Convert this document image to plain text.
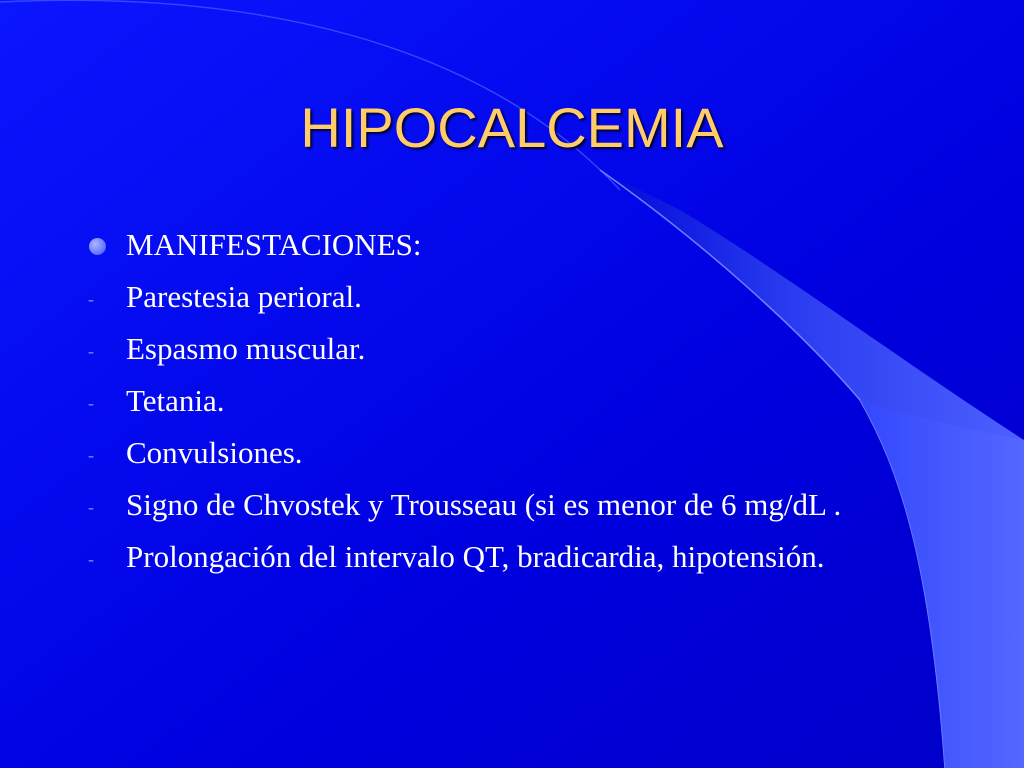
HIPOCALCEMIA
MANIFESTACIONES:
- Parestesia perioral.
- Espasmo muscular.
- Tetania.
- Convulsiones.
- Signo de Chvostek y Trousseau (si es menor de 6 mg/dL .
- Prolongación del intervalo QT, bradicardia, hipotensión.
